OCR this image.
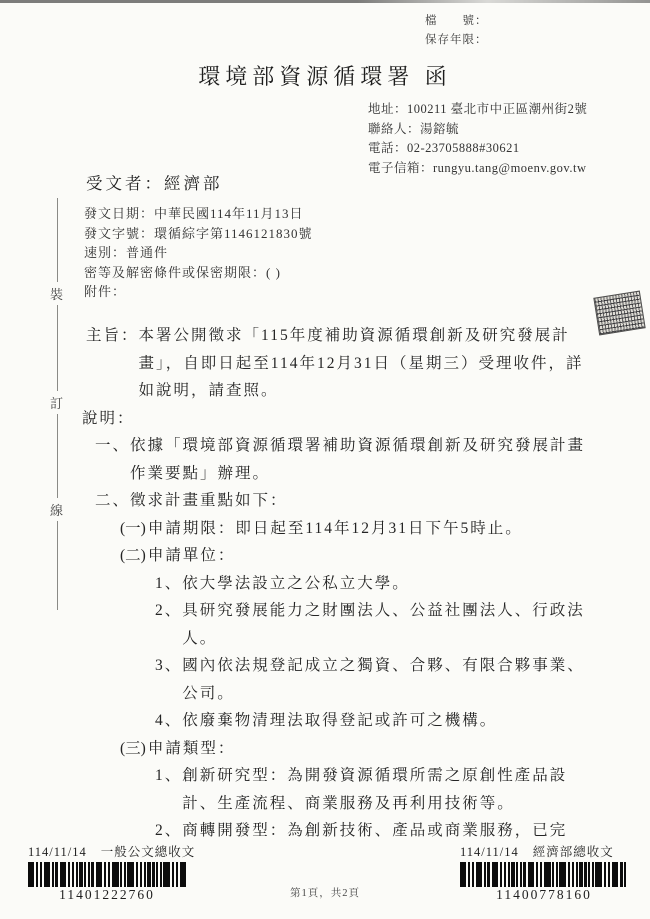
檔　　號：
保存年限：
環境部資源循環署 函
地址：100211 臺北市中正區潮州街2號
聯絡人：湯鎔毓
電話：02-23705888#30621
電子信箱：rungyu.tang@moenv.gov.tw
受文者：經濟部
發文日期：中華民國114年11月13日
發文字號：環循綜字第1146121830號
速別：普通件
密等及解密條件或保密期限：( )
附件：
主旨： 本署公開徵求「115年度補助資源循環創新及研究發展計畫」，自即日起至114年12月31日（星期三）受理收件，詳如說明，請查照。
說明：
一、 依據「環境部資源循環署補助資源循環創新及研究發展計畫作業要點」辦理。
二、 徵求計畫重點如下：
(一) 申請期限：即日起至114年12月31日下午5時止。
(二) 申請單位：
1、 依大學法設立之公私立大學。
2、 具研究發展能力之財團法人、公益社團法人、行政法人。
3、 國內依法規登記成立之獨資、合夥、有限合夥事業、公司。
4、 依廢棄物清理法取得登記或許可之機構。
(三) 申請類型：
1、 創新研究型：為開發資源循環所需之原創性產品設計、生產流程、商業服務及再利用技術等。
2、 商轉開發型：為創新技術、產品或商業服務，已完
裝
訂
線
114/11/14 一般公文總收文
11401222760
114/11/14 經濟部總收文
11400778160
第1頁，共2頁
